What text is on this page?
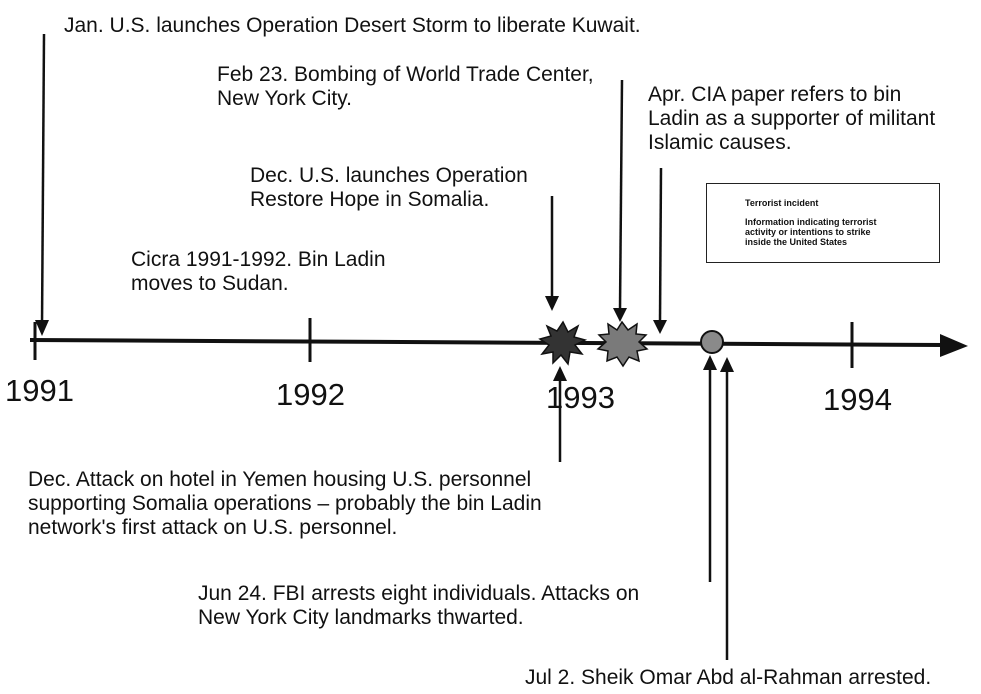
Jan. U.S. launches Operation Desert Storm to liberate Kuwait.
Feb 23. Bombing of World Trade Center,
New York City.	Apr. CIA paper refers to bin
Ladin as a supporter of militant
Islamic causes.
Dec. U.S. launches Operation
Restore Hope in Somalia.
Cicra 1991-1992. Bin Ladin
moves to Sudan.
Dec. Attack on hotel in Yemen housing U.S. personnel
supporting Somalia operations – probably the bin Ladin
network's first attack on U.S. personnel.
Jun 24. FBI arrests eight individuals. Attacks on
New York City landmarks thwarted.
Jul 2. Sheik Omar Abd al-Rahman arrested.
1991	1992	1993	1994
Terrorist incident
Information indicating terrorist
activity or intentions to strike
inside the United States
